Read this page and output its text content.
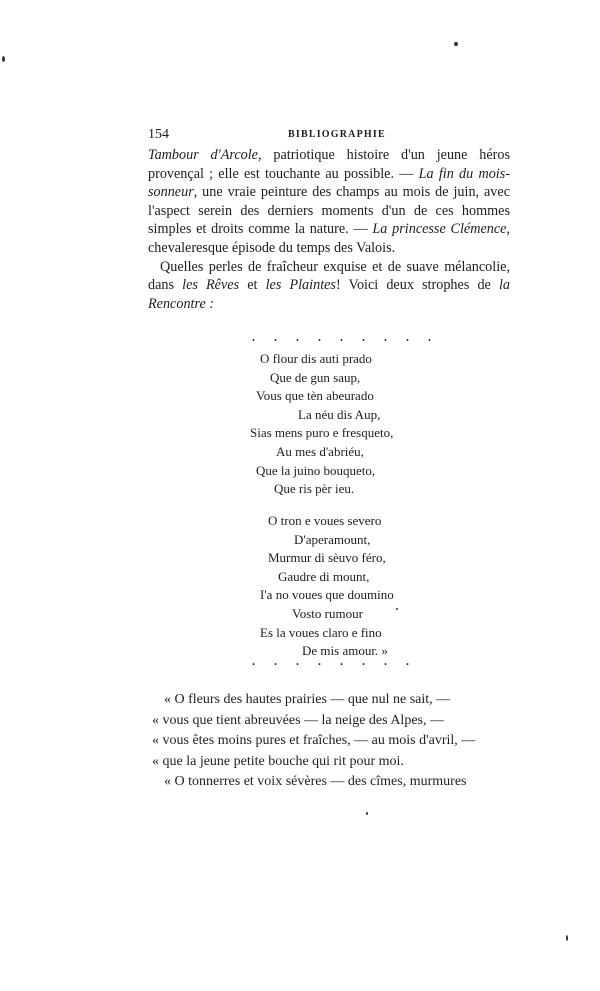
154	BIBLIOGRAPHIE

Tambour d'Arcole, patriotique histoire d'un jeune héros provençal ; elle est touchante au possible. — La fin du mois-sonneur, une vraie peinture des champs au mois de juin, avec l'aspect serein des derniers moments d'un de ces hommes simples et droits comme la nature. — La princesse Clémence, chevaleresque épisode du temps des Valois.

Quelles perles de fraîcheur exquise et de suave mélancolie, dans les Rêves et les Plaintes! Voici deux strophes de la Rencontre :

. . . . . . . . .
O flour dis auti prado
Que de gun saup,
Vous que tèn abeurado
La néu dis Aup,
Sias mens puro e fresqueto,
Au mes d'abriéu,
Que la juino bouqueto,
Que ris pèr ieu.
O tron e voues severo
D'aperamount,
Murmur di sèuvo féro,
Gaudre di mount,
I'a no voues que doumino
Vosto rumour
Es la voues claro e fino
De mis amour. »
. . . . . . . .
« O fleurs des hautes prairies — que nul ne sait, —
« vous que tient abreuvées — la neige des Alpes, —
« vous êtes moins pures et fraîches, — au mois d'avril, —
« que la jeune petite bouche qui rit pour moi.
« O tonnerres et voix sévères — des cîmes, murmures
